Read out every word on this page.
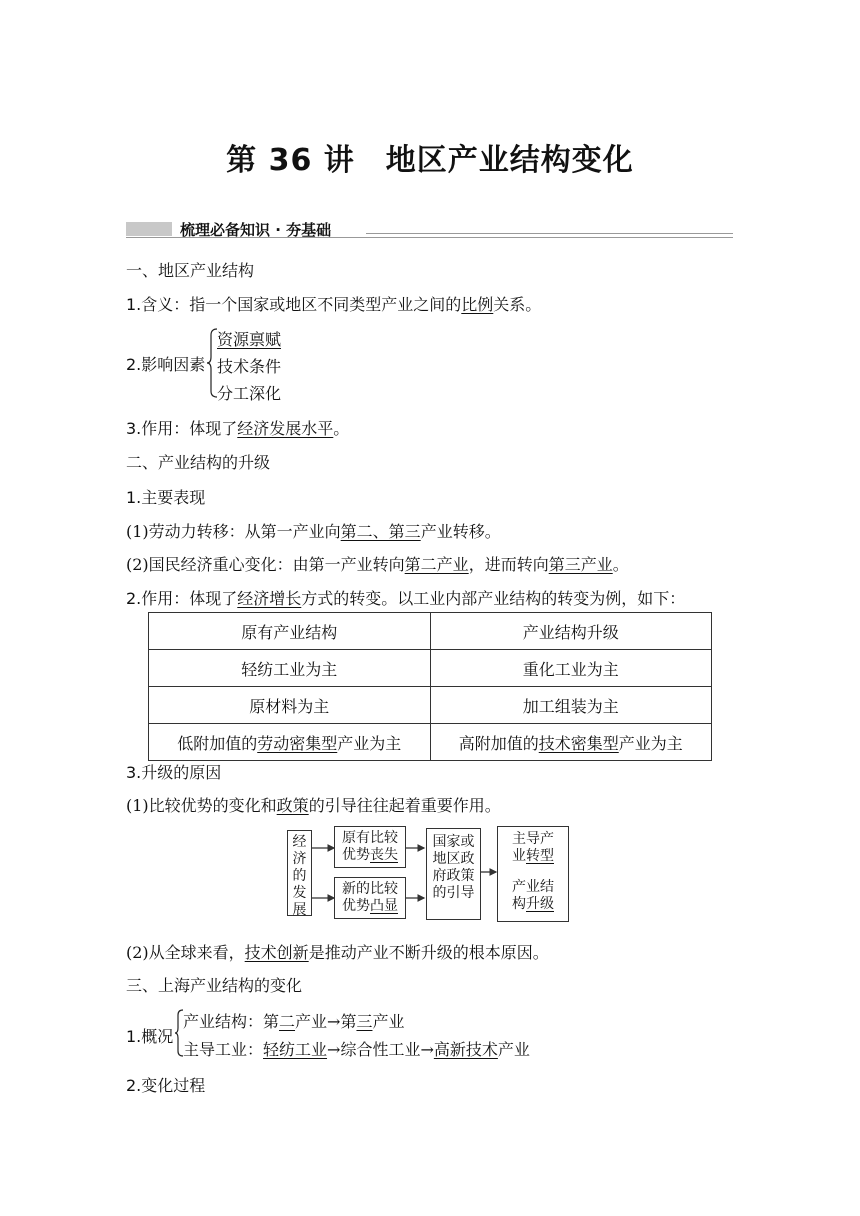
第 36 讲　地区产业结构变化
梳理必备知识 · 夯基础
一、地区产业结构
1.含义：指一个国家或地区不同类型产业之间的比例关系。
2.影响因素
资源禀赋
技术条件
分工深化
3.作用：体现了经济发展水平。
二、产业结构的升级
1.主要表现
(1)劳动力转移：从第一产业向第二、第三产业转移。
(2)国民经济重心变化：由第一产业转向第二产业，进而转向第三产业。
2.作用：体现了经济增长方式的转变。以工业内部产业结构的转变为例，如下：
原有产业结构	产业结构升级
轻纺工业为主	重化工业为主
原材料为主	加工组装为主
低附加值的劳动密集型产业为主	高附加值的技术密集型产业为主
3.升级的原因
(1)比较优势的变化和政策的引导往往起着重要作用。
经济的发展
原有比较
优势丧失
新的比较
优势凸显
国家或地区政府政策的引导
主导产
业转型
产业结
构升级
(2)从全球来看，技术创新是推动产业不断升级的根本原因。
三、上海产业结构的变化
1.概况
产业结构：第二产业→第三产业
主导工业：轻纺工业→综合性工业→高新技术产业
2.变化过程
